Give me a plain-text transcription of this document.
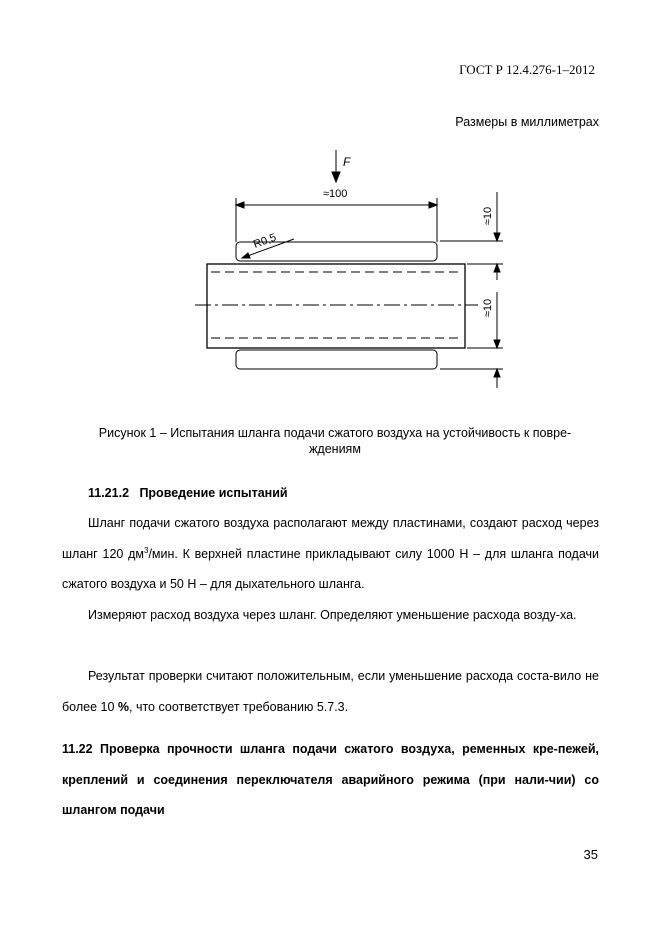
ГОСТ Р 12.4.276-1–2012
Размеры в миллиметрах
F
≈100
R0,5
≈10
≈10
Рисунок 1 – Испытания шланга подачи сжатого воздуха на устойчивость к повре-
ждениям
11.21.2 Проведение испытаний
Шланг подачи сжатого воздуха располагают между пластинами, создают расход через шланг 120 $дм^3$/мин. К верхней пластине прикладывают силу 1000 Н – для шланга подачи сжатого воздуха и 50 Н – для дыхательного шланга.
Измеряют расход воздуха через шланг. Определяют уменьшение расхода возду-ха.
Результат проверки считают положительным, если уменьшение расхода соста-вило не более 10 %, что соответствует требованию 5.7.3.
11.22 Проверка прочности шланга подачи сжатого воздуха, ременных кре-пежей, креплений и соединения переключателя аварийного режима (при нали-чии) со шлангом подачи
35
